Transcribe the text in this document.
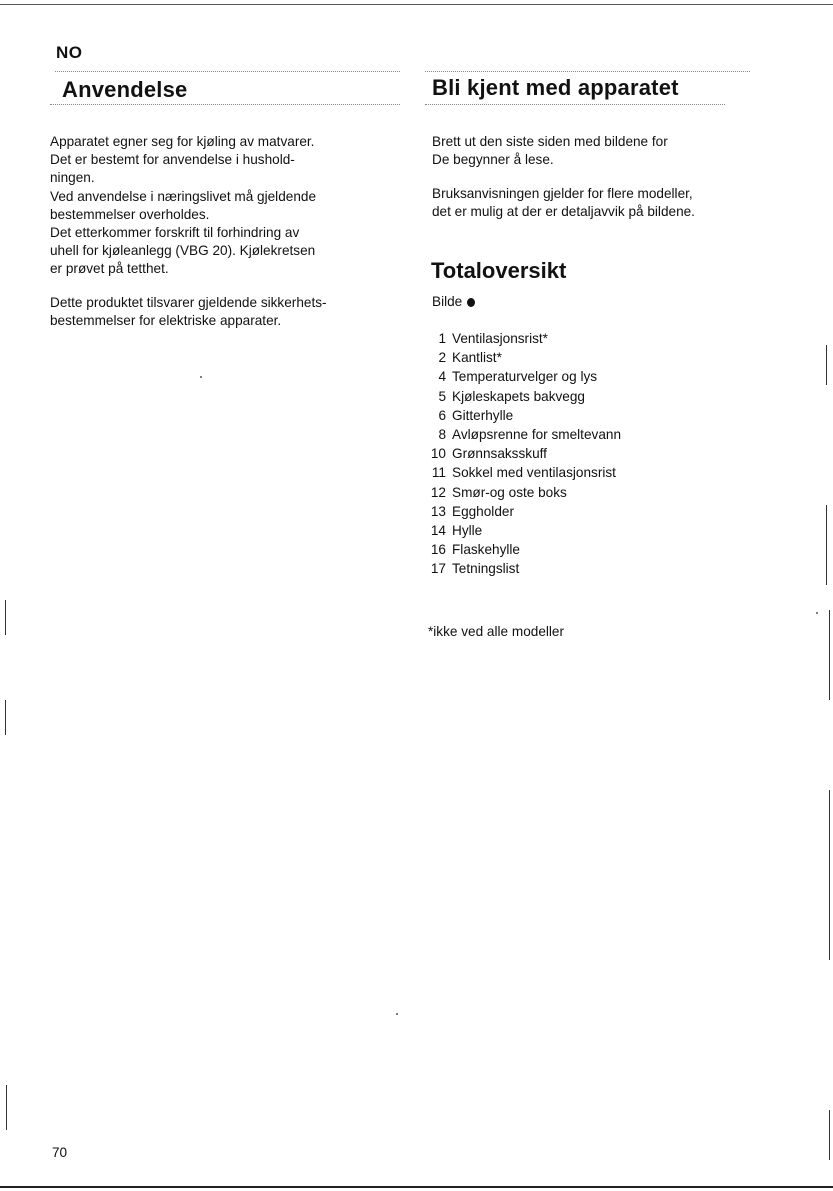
NO
Anvendelse	Bli kjent med apparatet
Apparatet egner seg for kjøling av matvarer.
Det er bestemt for anvendelse i hushold-
ningen.
Ved anvendelse i næringslivet må gjeldende
bestemmelser overholdes.
Det etterkommer forskrift til forhindring av
uhell for kjøleanlegg (VBG 20). Kjølekretsen
er prøvet på tetthet.
Dette produktet tilsvarer gjeldende sikkerhets-
bestemmelser for elektriske apparater.
Brett ut den siste siden med bildene for
De begynner å lese.
Bruksanvisningen gjelder for flere modeller,
det er mulig at der er detaljavvik på bildene.
Totaloversikt
Bilde
1 Ventilasjonsrist*
2 Kantlist*
4 Temperaturvelger og lys
5 Kjøleskapets bakvegg
6 Gitterhylle
8 Avløpsrenne for smeltevann
10 Grønnsaksskuff
11 Sokkel med ventilasjonsrist
12 Smør-og oste boks
13 Eggholder
14 Hylle
16 Flaskehylle
17 Tetningslist
*ikke ved alle modeller
70
